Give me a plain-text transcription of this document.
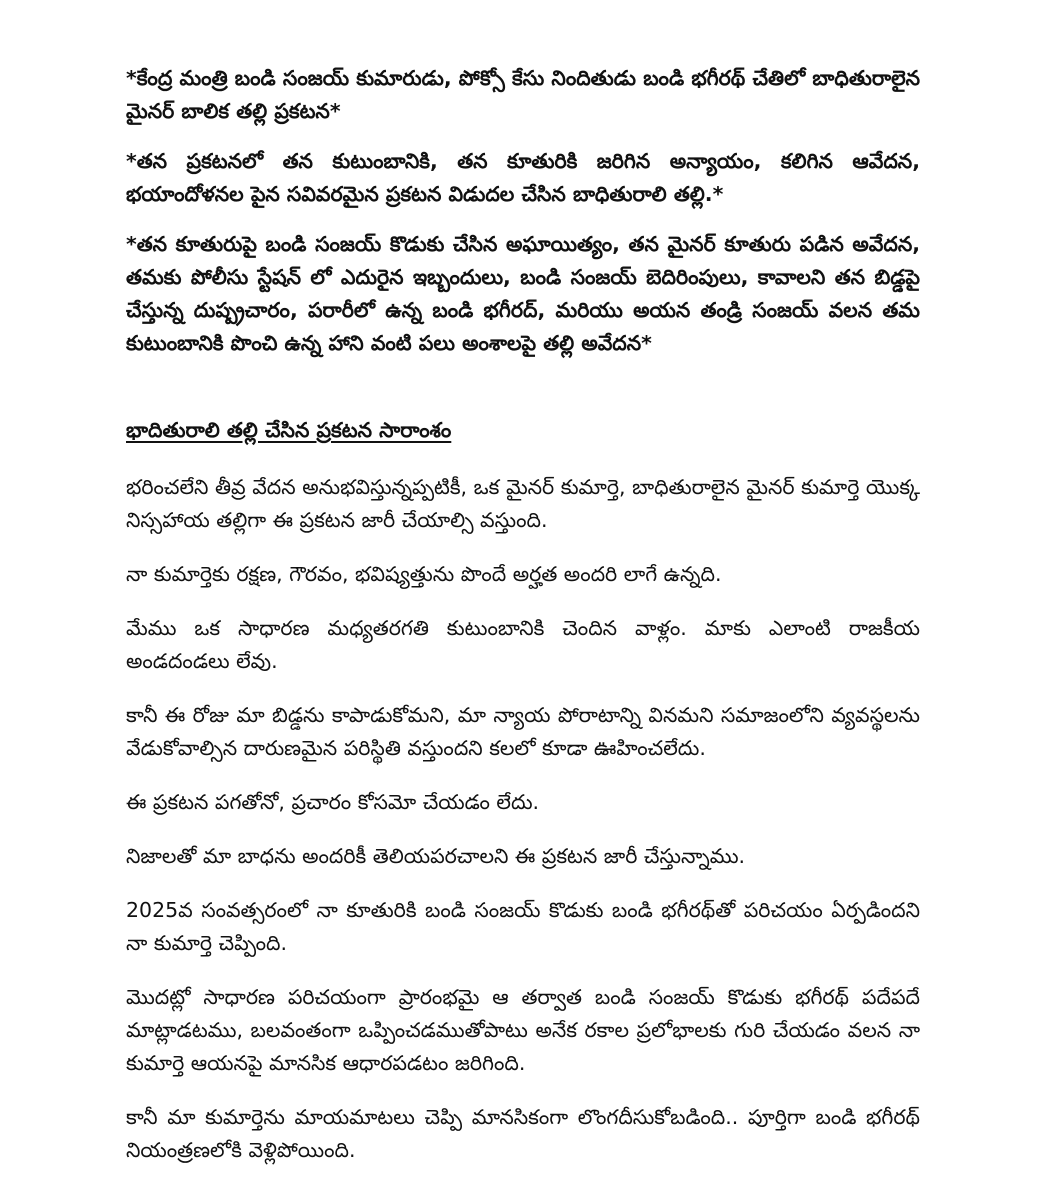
*కేంద్ర మంత్రి బండి సంజయ్ కుమారుడు, పోక్సో కేసు నిందితుడు బండి భగీరథ్ చేతిలో బాధితురాలైన మైనర్ బాలిక తల్లి ప్రకటన*

*తన ప్రకటనలో తన కుటుంబానికి, తన కూతురికి జరిగిన అన్యాయం, కలిగిన ఆవేదన, భయాందోళనల పైన సవివరమైన ప్రకటన విడుదల చేసిన బాధితురాలి తల్లి.*

*తన కూతురుపై బండి సంజయ్ కొడుకు చేసిన అఘాయిత్యం, తన మైనర్ కూతురు పడిన అవేదన, తమకు పోలీసు స్టేషన్ లో ఎదురైన ఇబ్బందులు, బండి సంజయ్ బెదిరింపులు, కావాలని తన బిడ్డపై చేస్తున్న దుష్ప్రచారం, పరారీలో ఉన్న బండి భగీరద్, మరియు అయన తండ్రి సంజయ్ వలన తమ కుటుంబానికి పొంచి ఉన్న హాని వంటి పలు అంశాలపై తల్లి అవేదన*

భాదితురాలి తల్లి చేసిన ప్రకటన సారాంశం

భరించలేని తీవ్ర వేదన అనుభవిస్తున్నప్పటికీ, ఒక మైనర్ కుమార్తె, బాధితురాలైన మైనర్ కుమార్తె యొక్క నిస్సహాయ తల్లిగా ఈ ప్రకటన జారీ చేయాల్సి వస్తుంది.

నా కుమార్తెకు రక్షణ, గౌరవం, భవిష్యత్తును పొందే అర్హత అందరి లాగే ఉన్నది.

మేము ఒక సాధారణ మధ్యతరగతి కుటుంబానికి చెందిన వాళ్లం. మాకు ఎలాంటి రాజకీయ అండదండలు లేవు.

కానీ ఈ రోజు మా బిడ్డను కాపాడుకోమని, మా న్యాయ పోరాటాన్ని వినమని సమాజంలోని వ్యవస్థలను వేడుకోవాల్సిన దారుణమైన పరిస్థితి వస్తుందని కలలో కూడా ఊహించలేదు.

ఈ ప్రకటన పగతోనో, ప్రచారం కోసమో చేయడం లేదు.

నిజాలతో మా బాధను అందరికీ తెలియపరచాలని ఈ ప్రకటన జారీ చేస్తున్నాము.

2025వ సంవత్సరంలో నా కూతురికి బండి సంజయ్ కొడుకు బండి భగీరథ్‌తో పరిచయం ఏర్పడిందని నా కుమార్తె చెప్పింది.

మొదట్లో సాధారణ పరిచయంగా ప్రారంభమై ఆ తర్వాత బండి సంజయ్ కొడుకు భగీరథ్ పదేపదే మాట్లాడటము, బలవంతంగా ఒప్పించడముతోపాటు అనేక రకాల ప్రలోభాలకు గురి చేయడం వలన నా కుమార్తె ఆయనపై మానసిక ఆధారపడటం జరిగింది.

కానీ మా కుమార్తెను మాయమాటలు చెప్పి మానసికంగా లొంగదీసుకోబడింది.. పూర్తిగా బండి భగీరథ్ నియంత్రణలోకి వెళ్లిపోయింది.
